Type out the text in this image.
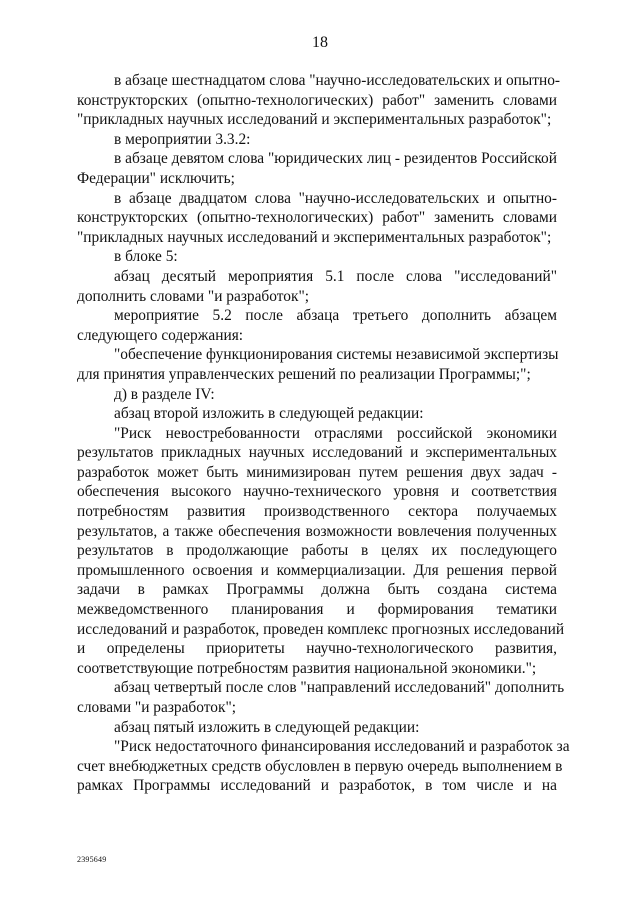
18
в абзаце шестнадцатом слова "научно-исследовательских и опытно-
конструкторских (опытно-технологических) работ" заменить словами
"прикладных научных исследований и экспериментальных разработок";
в мероприятии 3.3.2:
в абзаце девятом слова "юридических лиц - резидентов Российской
Федерации" исключить;
в абзаце двадцатом слова "научно-исследовательских и опытно-
конструкторских (опытно-технологических) работ" заменить словами
"прикладных научных исследований и экспериментальных разработок";
в блоке 5:
абзац десятый мероприятия 5.1 после слова "исследований"
дополнить словами "и разработок";
мероприятие 5.2 после абзаца третьего дополнить абзацем
следующего содержания:
"обеспечение функционирования системы независимой экспертизы
для принятия управленческих решений по реализации Программы;";
д) в разделе IV:
абзац второй изложить в следующей редакции:
"Риск невостребованности отраслями российской экономики
результатов прикладных научных исследований и экспериментальных
разработок может быть минимизирован путем решения двух задач -
обеспечения высокого научно-технического уровня и соответствия
потребностям развития производственного сектора получаемых
результатов, а также обеспечения возможности вовлечения полученных
результатов в продолжающие работы в целях их последующего
промышленного освоения и коммерциализации. Для решения первой
задачи в рамках Программы должна быть создана система
межведомственного планирования и формирования тематики
исследований и разработок, проведен комплекс прогнозных исследований
и определены приоритеты научно-технологического развития,
соответствующие потребностям развития национальной экономики.";
абзац четвертый после слов "направлений исследований" дополнить
словами "и разработок";
абзац пятый изложить в следующей редакции:
"Риск недостаточного финансирования исследований и разработок за
счет внебюджетных средств обусловлен в первую очередь выполнением в
рамках Программы исследований и разработок, в том числе и на
2395649
